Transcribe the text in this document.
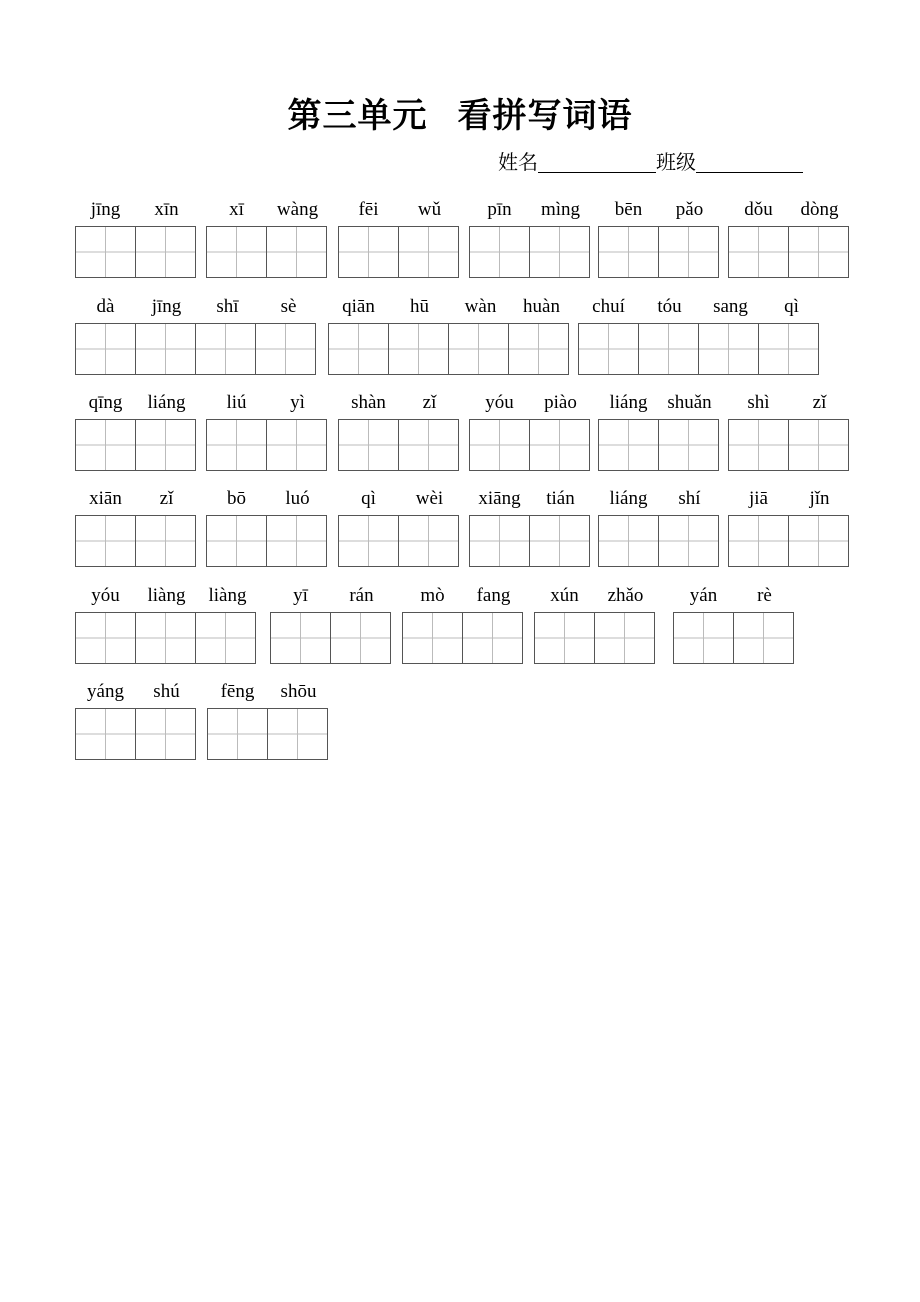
第三单元 看拼写词语
姓名	班级
jīng	xīn	xī	wàng	fēi	wǔ	pīn	mìng	bēn	pǎo	dǒu	dòng
dà	jīng	shī	sè	qiān	hū	wàn	huàn	chuí	tóu	sang	qì
qīng	liáng	liú	yì	shàn	zǐ	yóu	piào	liáng	shuǎn	shì	zǐ
xiān	zǐ	bō	luó	qì	wèi	xiāng	tián	liáng	shí	jiā	jǐn
yóu	liàng	liàng	yī	rán	mò	fang	xún	zhǎo	yán	rè
yáng	shú	fēng	shōu
